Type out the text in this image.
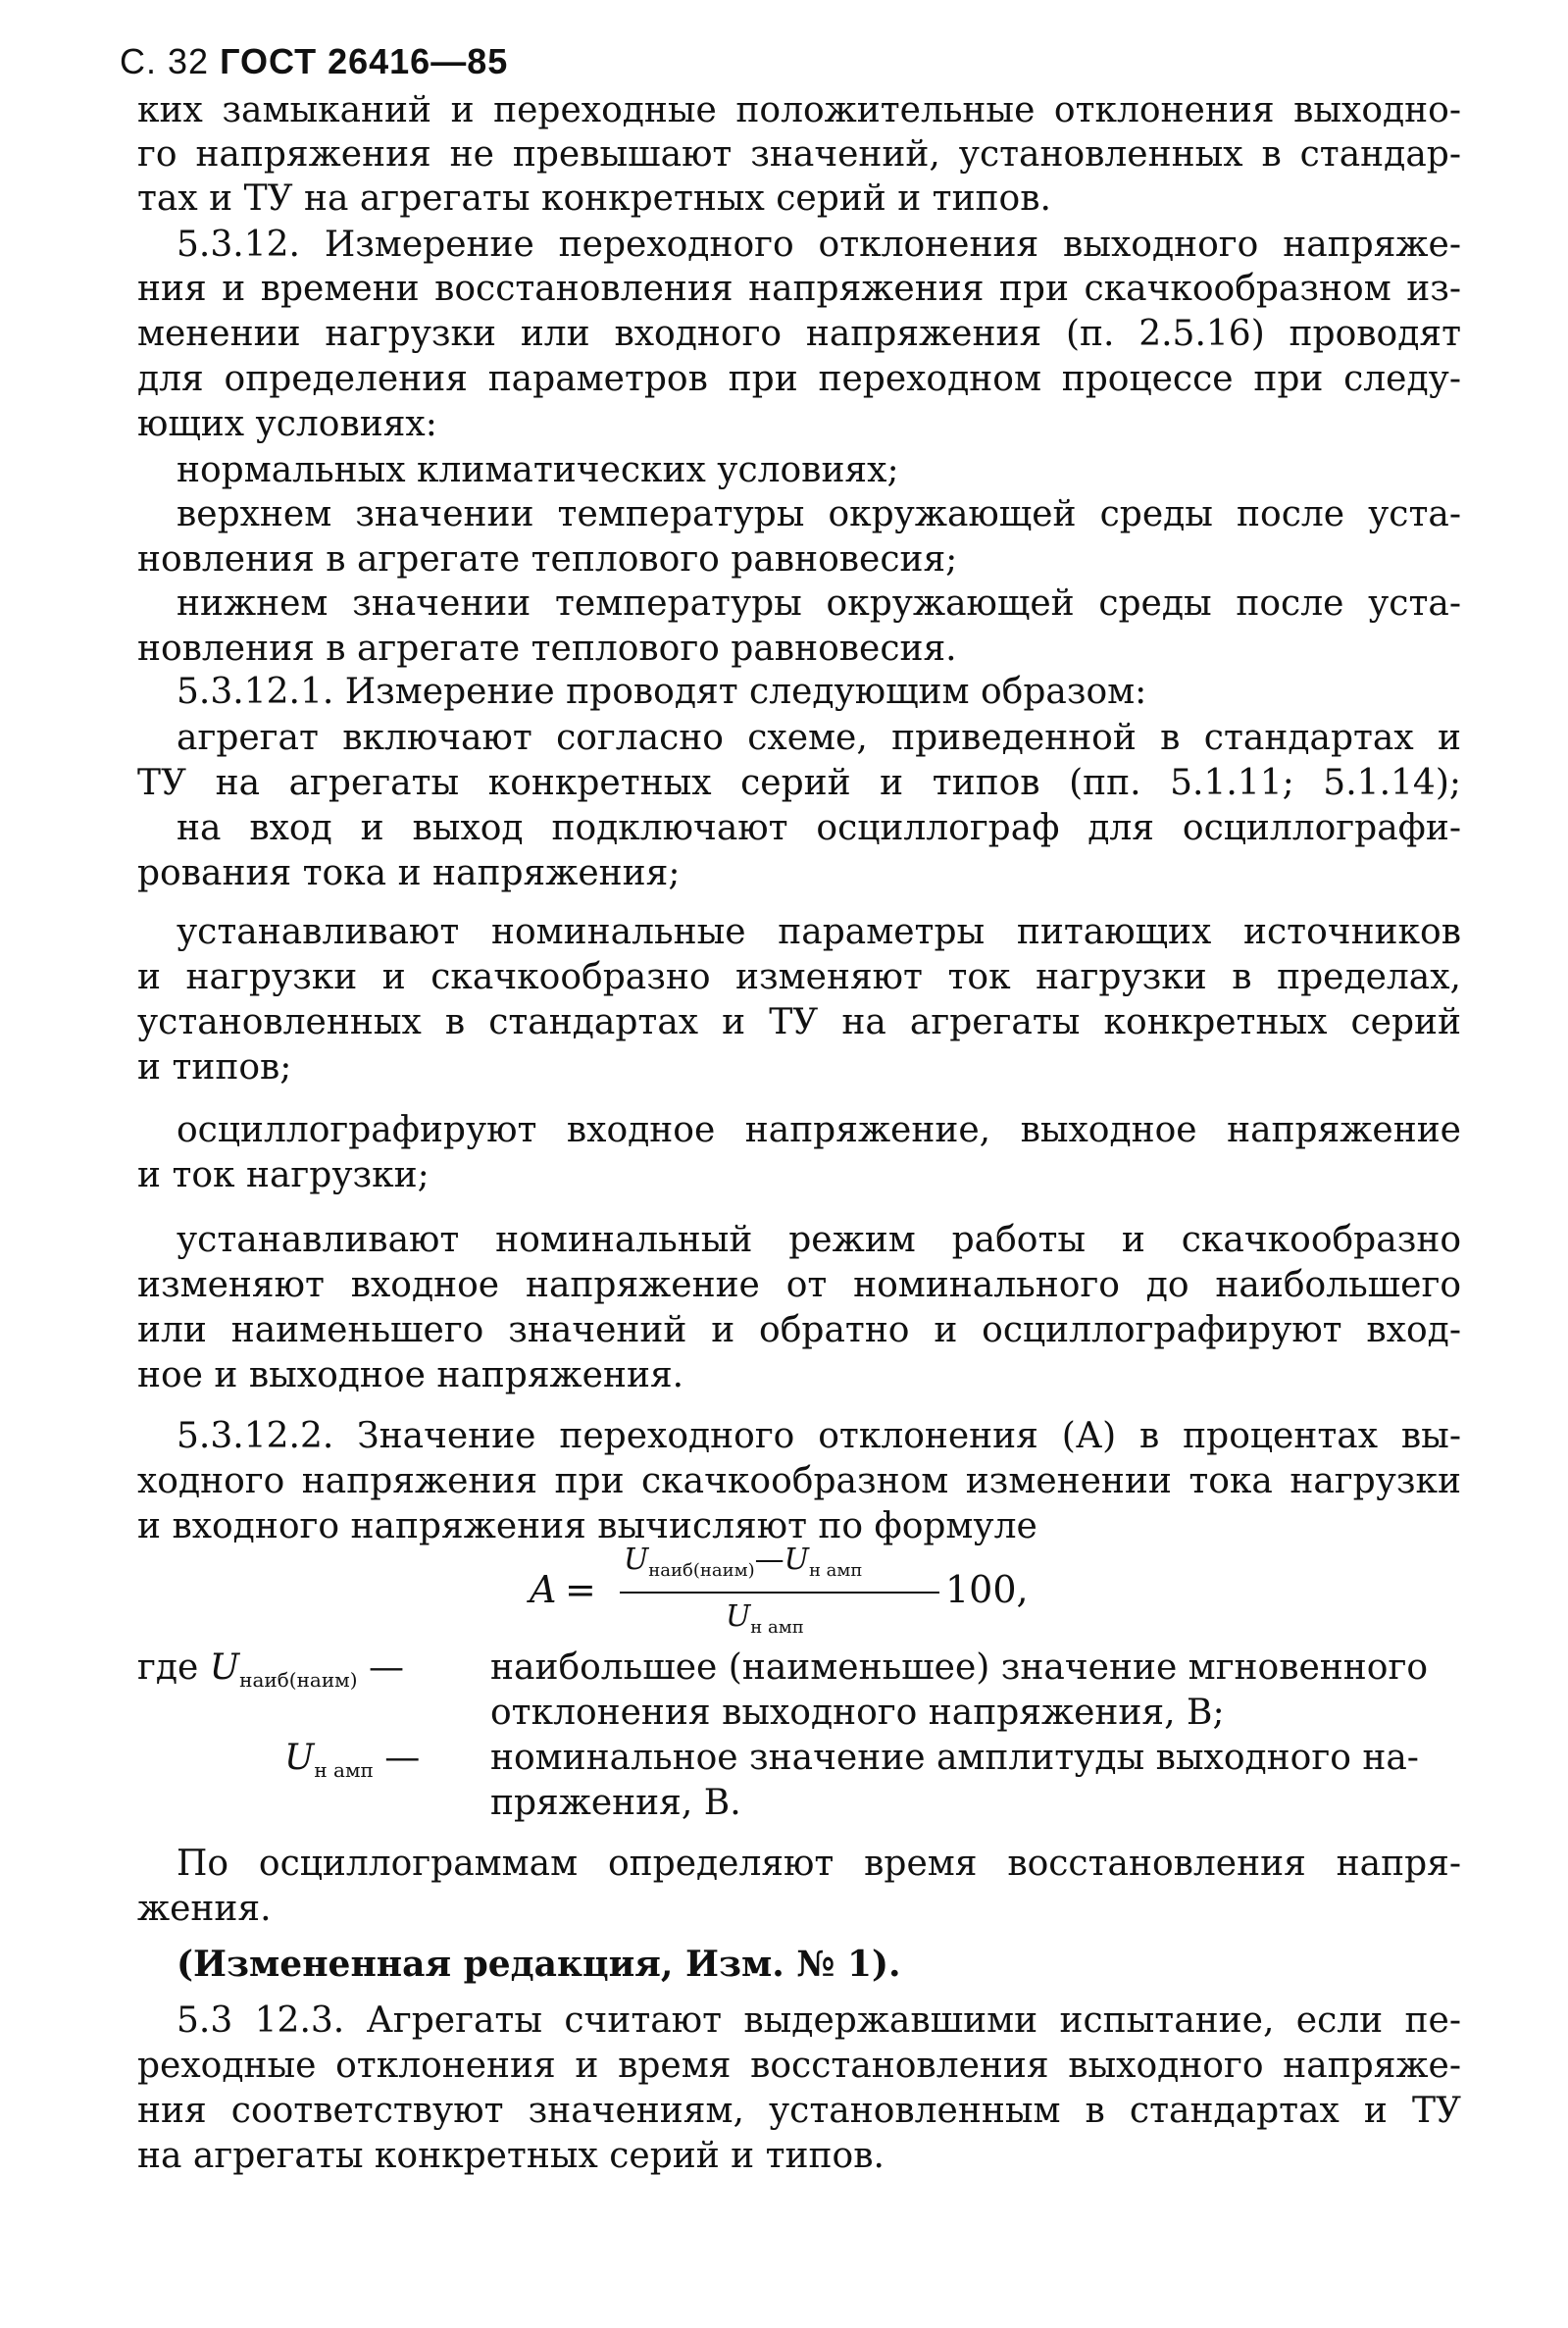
С. 32 ГОСТ 26416—85
ких замыканий и переходные положительные отклонения выходно-
го напряжения не превышают значений, установленных в стандар-
тах и ТУ на агрегаты конкретных серий и типов.
5.3.12. Измерение переходного отклонения выходного напряже-
ния и времени восстановления напряжения при скачкообразном из-
менении нагрузки или входного напряжения (п. 2.5.16) проводят
для определения параметров при переходном процессе при следу-
ющих условиях:
нормальных климатических условиях;
верхнем значении температуры окружающей среды после уста-
новления в агрегате теплового равновесия;
нижнем значении температуры окружающей среды после уста-
новления в агрегате теплового равновесия.
5.3.12.1. Измерение проводят следующим образом:
агрегат включают согласно схеме, приведенной в стандартах и
ТУ на агрегаты конкретных серий и типов (пп. 5.1.11; 5.1.14);
на вход и выход подключают осциллограф для осциллографи-
рования тока и напряжения;
устанавливают номинальные параметры питающих источников
и нагрузки и скачкообразно изменяют ток нагрузки в пределах,
установленных в стандартах и ТУ на агрегаты конкретных серий
и типов;
осциллографируют входное напряжение, выходное напряжение
и ток нагрузки;
устанавливают номинальный режим работы и скачкообразно
изменяют входное напряжение от номинального до наибольшего
или наименьшего значений и обратно и осциллографируют вход-
ное и выходное напряжения.
5.3.12.2. Значение переходного отклонения (А) в процентах вы-
ходного напряжения при скачкообразном изменении тока нагрузки
и входного напряжения вычисляют по формуле
A =
$U_{наиб(наим)}—U_{н амп}$
$U_{н амп}$
100,
где $U_{наиб(наим)}$ — наибольшее (наименьшее) значение мгновенного
отклонения выходного напряжения, В;
$U_{н амп}$ — номинальное значение амплитуды выходного на-
пряжения, В.
По осциллограммам определяют время восстановления напря-
жения.
(Измененная редакция, Изм. № 1).
5.3 12.3. Агрегаты считают выдержавшими испытание, если пе-
реходные отклонения и время восстановления выходного напряже-
ния соответствуют значениям, установленным в стандартах и ТУ
на агрегаты конкретных серий и типов.
